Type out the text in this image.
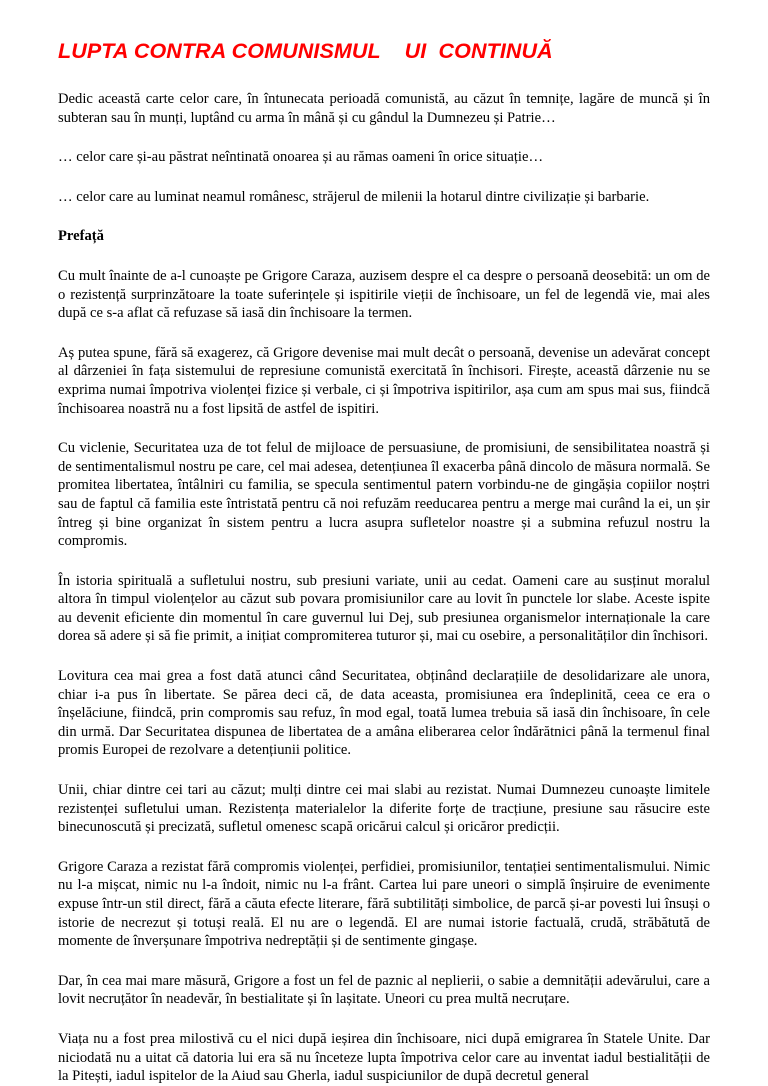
LUPTA CONTRA COMUNISMUL    UI  CONTINUĂ

Dedic această carte celor care, în întunecata perioadă comunistă, au căzut în temnițe, lagăre de muncă și în subteran sau în munți, luptând cu arma în mână și cu gândul la Dumnezeu și Patrie…

… celor care și-au păstrat neîntinată onoarea și au rămas oameni în orice situație…

… celor care au luminat neamul românesc, străjerul de milenii la hotarul dintre civilizație și barbarie.

Prefață

Cu mult înainte de a-l cunoaște pe Grigore Caraza, auzisem despre el ca despre o persoană deosebită: un om de o rezistență surprinzătoare la toate suferințele și ispitirile vieții de închisoare, un fel de legendă vie, mai ales după ce s-a aflat că refuzase să iasă din închisoare la termen.

Aș putea spune, fără să exagerez, că Grigore devenise mai mult decât o persoană, devenise un adevărat concept al dârzeniei în fața sistemului de represiune comunistă exercitată în închisori. Firește, această dârzenie nu se exprima numai împotriva violenței fizice și verbale, ci și împotriva ispitirilor, așa cum am spus mai sus, fiindcă închisoarea noastră nu a fost lipsită de astfel de ispitiri.

Cu viclenie, Securitatea uza de tot felul de mijloace de persuasiune, de promisiuni, de sensibilitatea noastră și de sentimentalismul nostru pe care, cel mai adesea, detențiunea îl exacerba până dincolo de măsura normală. Se promitea libertatea, întâlniri cu familia, se specula sentimentul patern vorbindu-ne de gingășia copiilor noștri sau de faptul că familia este întristată pentru că noi refuzăm reeducarea pentru a merge mai curând la ei, un șir întreg și bine organizat în sistem pentru a lucra asupra sufletelor noastre și a submina refuzul nostru la compromis.

În istoria spirituală a sufletului nostru, sub presiuni variate, unii au cedat. Oameni care au susținut moralul altora în timpul violențelor au căzut sub povara promisiunilor care au lovit în punctele lor slabe. Aceste ispite au devenit eficiente din momentul în care guvernul lui Dej, sub presiunea organismelor internaționale la care dorea să adere și să fie primit, a inițiat compromiterea tuturor și, mai cu osebire, a personalităților din închisori.

Lovitura cea mai grea a fost dată atunci când Securitatea, obținând declarațiile de desolidarizare ale unora, chiar i-a pus în libertate. Se părea deci că, de data aceasta, promisiunea era îndeplinită, ceea ce era o înșelăciune, fiindcă, prin compromis sau refuz, în mod egal, toată lumea trebuia să iasă din închisoare, în cele din urmă. Dar Securitatea dispunea de libertatea de a amâna eliberarea celor îndărătnici până la termenul final promis Europei de rezolvare a detențiunii politice.

Unii, chiar dintre cei tari au căzut; mulți dintre cei mai slabi au rezistat. Numai Dumnezeu cunoaște limitele rezistenței sufletului uman. Rezistența materialelor la diferite forțe de tracțiune, presiune sau răsucire este binecunoscută și precizată, sufletul omenesc scapă oricărui calcul și oricăror predicții.

Grigore Caraza a rezistat fără compromis violenței, perfidiei, promisiunilor, tentației sentimentalismului. Nimic nu l-a mișcat, nimic nu l-a îndoit, nimic nu l-a frânt. Cartea lui pare uneori o simplă înșiruire de evenimente expuse într-un stil direct, fără a căuta efecte literare, fără subtilități simbolice, de parcă și-ar povesti lui însuși o istorie de necrezut și totuși reală. El nu are o legendă. El are numai istorie factuală, crudă, străbătută de momente de înverșunare împotriva nedreptății și de sentimente gingașe.

Dar, în cea mai mare măsură, Grigore a fost un fel de paznic al neplierii, o sabie a demnității adevărului, care a lovit necruțător în neadevăr, în bestialitate și în lașitate. Uneori cu prea multă necruțare.

Viața nu a fost prea milostivă cu el nici după ieșirea din închisoare, nici după emigrarea în Statele Unite. Dar niciodată nu a uitat că datoria lui era să nu înceteze lupta împotriva celor care au inventat iadul bestialității de la Pitești, iadul ispitelor de la Aiud sau Gherla, iadul suspiciunilor de după decretul general
